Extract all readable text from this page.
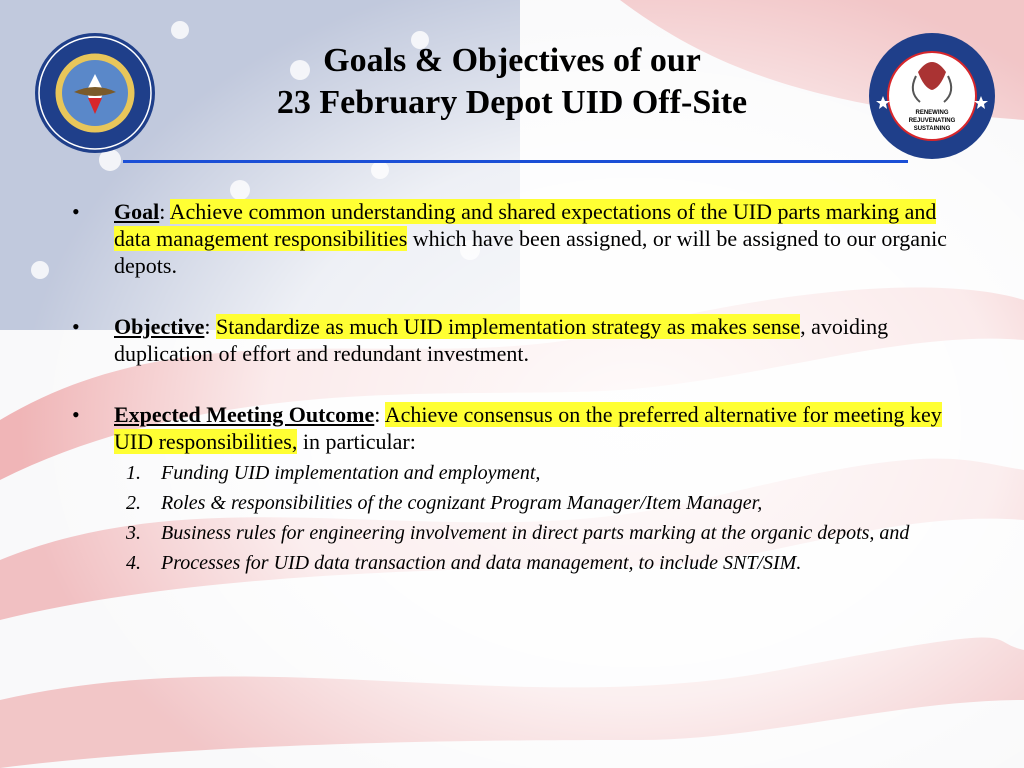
RENEWING
REJUVENATING
SUSTAINING
Goals & Objectives of our
23 February Depot UID Off-Site
• Goal: Achieve common understanding and shared expectations of the UID parts marking and data management responsibilities which have been assigned, or will be assigned to our organic depots.
• Objective: Standardize as much UID implementation strategy as makes sense, avoiding duplication of effort and redundant investment.
• Expected Meeting Outcome: Achieve consensus on the preferred alternative for meeting key UID responsibilities, in particular:
1. Funding UID implementation and employment,
2. Roles & responsibilities of the cognizant Program Manager/Item Manager,
3. Business rules for engineering involvement in direct parts marking at the organic depots, and
4. Processes for UID data transaction and data management, to include SNT/SIM.
